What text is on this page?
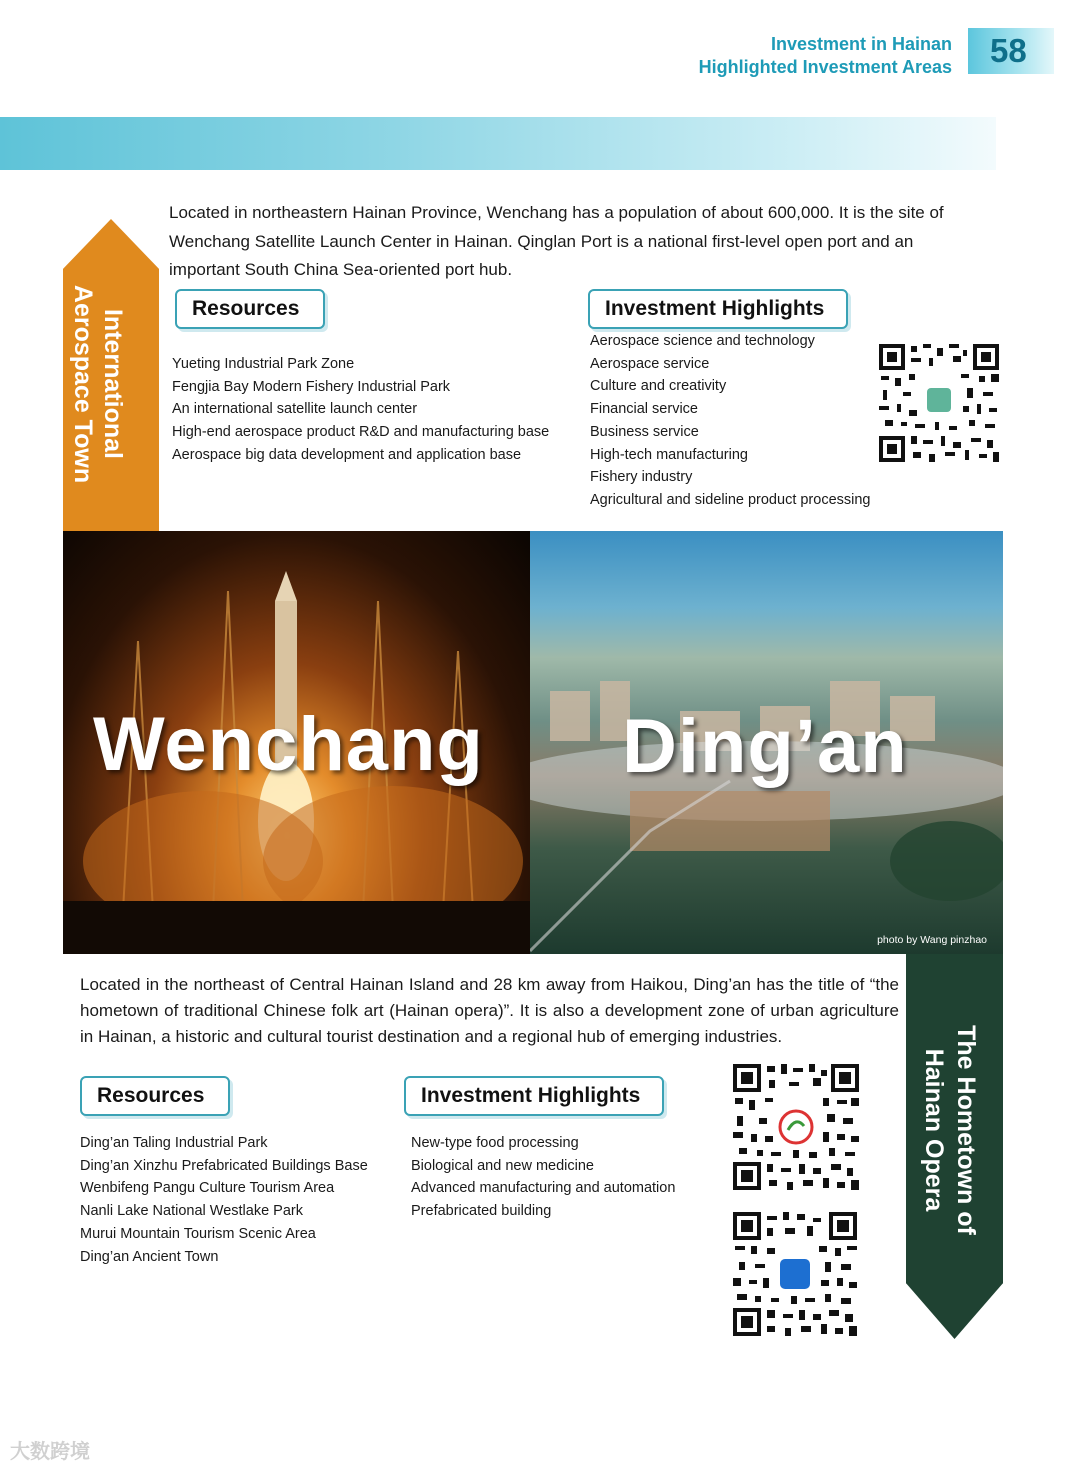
Investment in Hainan
Highlighted Investment Areas	58
International
Aerospace Town
Located in northeastern Hainan Province, Wenchang has a population of about 600,000. It is the site of Wenchang Satellite Launch Center in Hainan. Qinglan Port is a national first-level open port and an important South China Sea-oriented port hub.
Resources
Yueting Industrial Park Zone
Fengjia Bay Modern Fishery Industrial Park
An international satellite launch center
High-end aerospace product R&D and manufacturing base
Aerospace big data development and application base
Investment Highlights
Aerospace science and technology
Aerospace service
Culture and creativity
Financial service
Business service
High-tech manufacturing
Fishery industry
Agricultural and sideline product processing
Wenchang Ding’an
photo by Wang pinzhao
The Hometown of
Hainan Opera
Located in the northeast of Central Hainan Island and 28 km away from Haikou, Ding’an has the title of “the hometown of traditional Chinese folk art (Hainan opera)”. It is also a development zone of urban agriculture in Hainan, a historic and cultural tourist destination and a regional hub of emerging industries.
Resources
Ding’an Taling Industrial Park
Ding’an Xinzhu Prefabricated Buildings Base
Wenbifeng Pangu Culture Tourism Area
Nanli Lake National Westlake Park
Murui Mountain Tourism Scenic Area
Ding’an Ancient Town
Investment Highlights
New-type food processing
Biological and new medicine
Advanced manufacturing and automation
Prefabricated building
大数跨境
